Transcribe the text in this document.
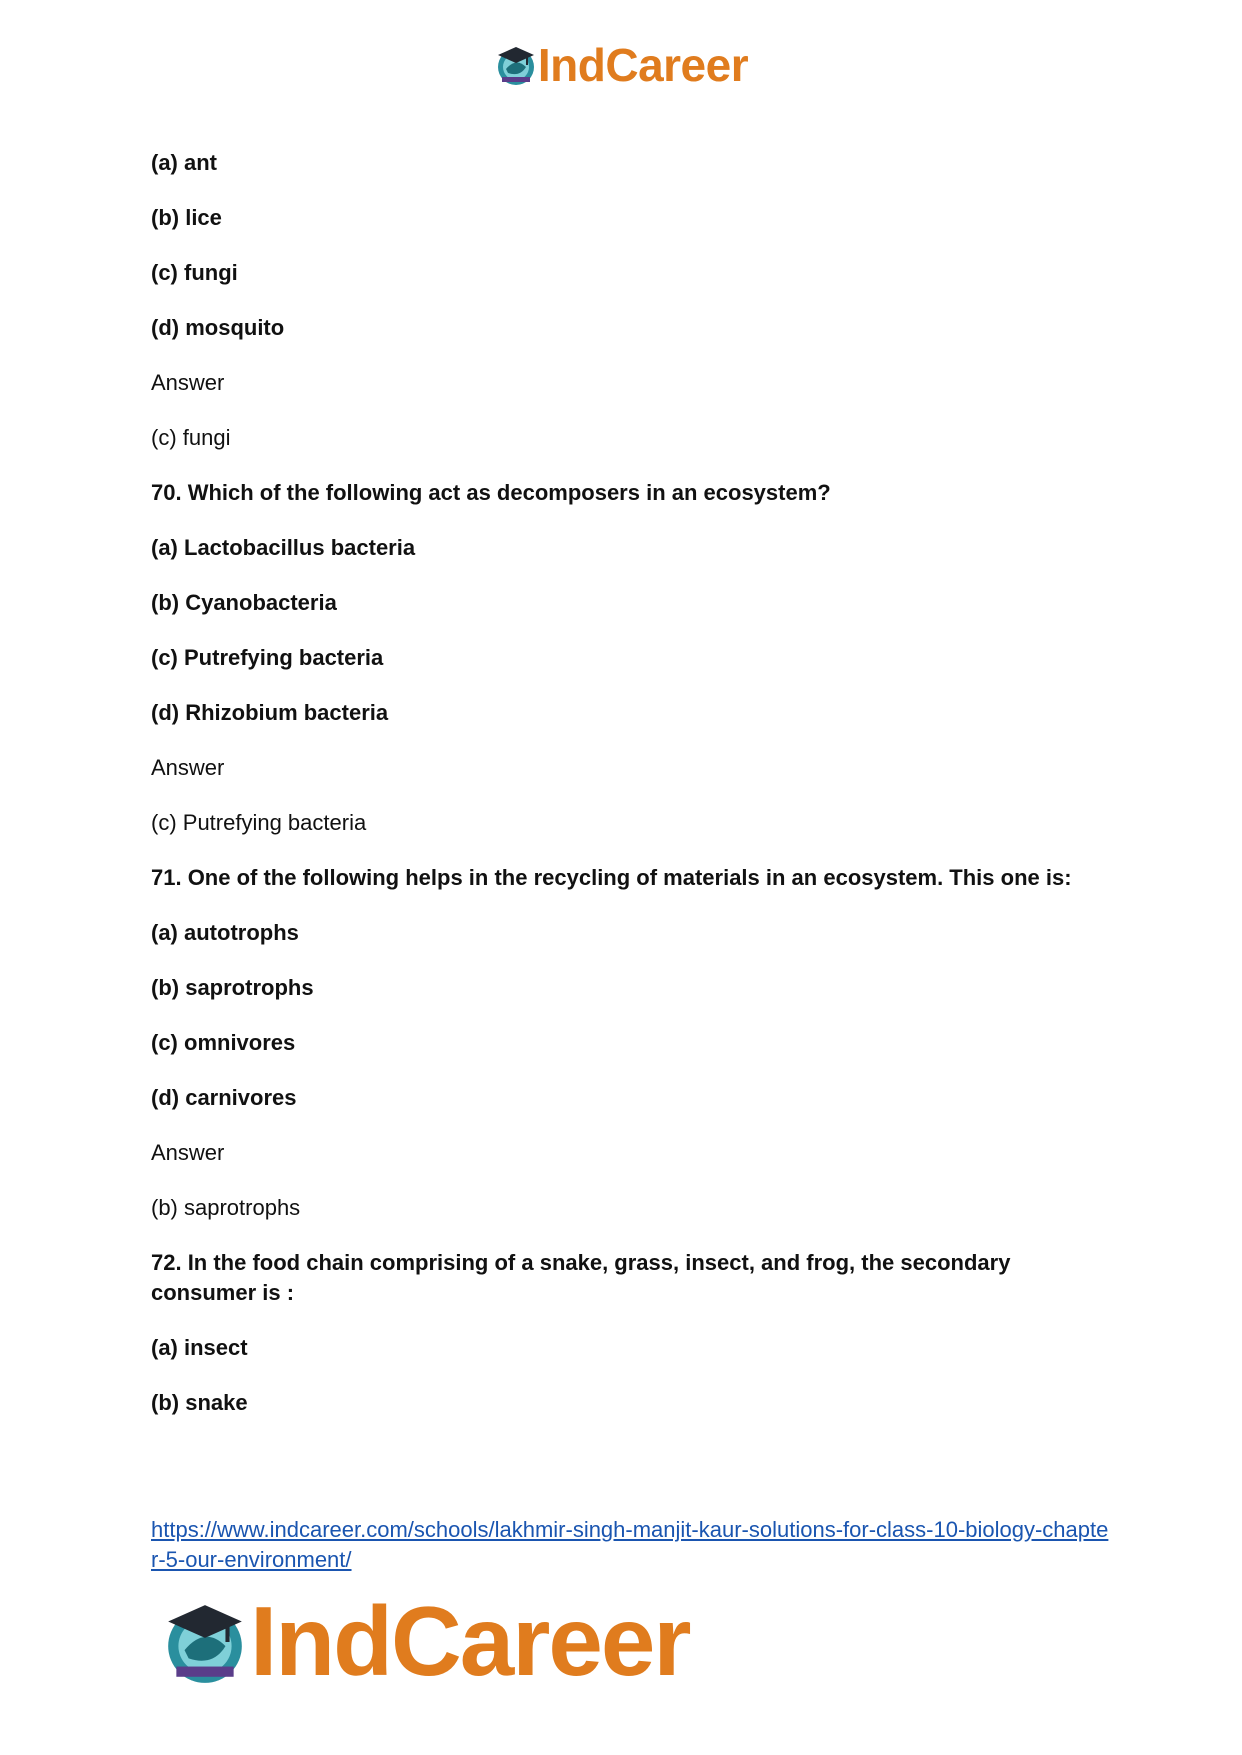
IndCareer

(a) ant

(b) lice

(c) fungi

(d) mosquito

Answer

(c) fungi

70. Which of the following act as decomposers in an ecosystem?

(a) Lactobacillus bacteria

(b) Cyanobacteria

(c) Putrefying bacteria

(d) Rhizobium bacteria

Answer

(c) Putrefying bacteria

71. One of the following helps in the recycling of materials in an ecosystem. This one is:

(a) autotrophs

(b) saprotrophs

(c) omnivores

(d) carnivores

Answer

(b) saprotrophs

72. In the food chain comprising of a snake, grass, insect, and frog, the secondary consumer is :

(a) insect

(b) snake

https://www.indcareer.com/schools/lakhmir-singh-manjit-kaur-solutions-for-class-10-biology-chapter-5-our-environment/
IndCareer
